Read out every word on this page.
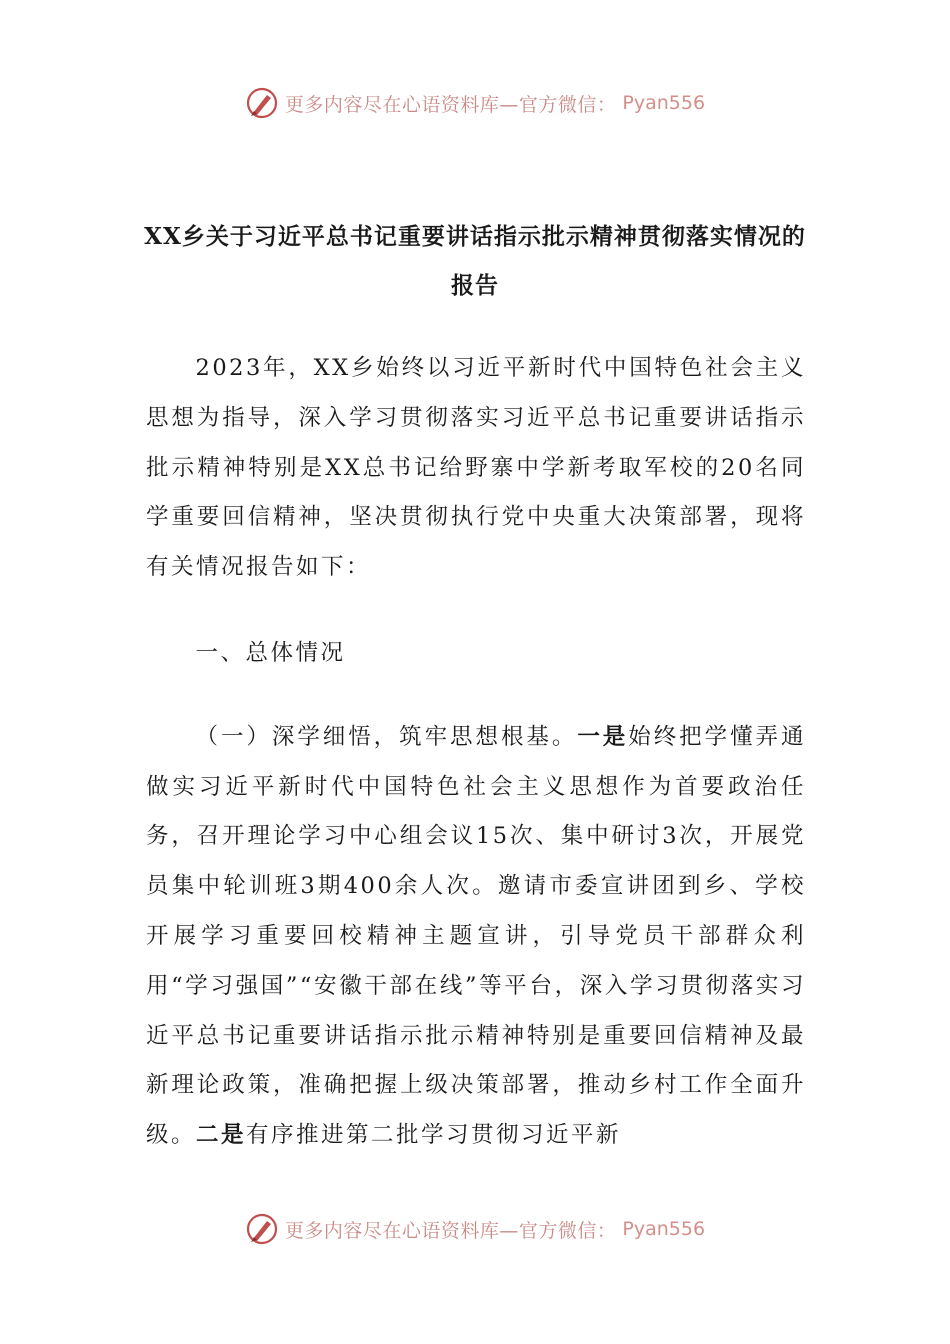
更多内容尽在心语资料库—官方微信： Pyan556
XX乡关于习近平总书记重要讲话指示批示精神贯彻落实情况的报告

2023年，XX乡始终以习近平新时代中国特色社会主义思想为指导，深入学习贯彻落实习近平总书记重要讲话指示批示精神特别是XX总书记给野寨中学新考取军校的20名同学重要回信精神，坚决贯彻执行党中央重大决策部署，现将有关情况报告如下：

一、总体情况

（一）深学细悟，筑牢思想根基。一是始终把学懂弄通做实习近平新时代中国特色社会主义思想作为首要政治任务，召开理论学习中心组会议15次、集中研讨3次，开展党员集中轮训班3期400余人次。邀请市委宣讲团到乡、学校开展学习重要回校精神主题宣讲，引导党员干部群众利用“学习强国”“安徽干部在线”等平台，深入学习贯彻落实习近平总书记重要讲话指示批示精神特别是重要回信精神及最新理论政策，准确把握上级决策部署，推动乡村工作全面升级。二是有序推进第二批学习贯彻习近平新

更多内容尽在心语资料库—官方微信： Pyan556
